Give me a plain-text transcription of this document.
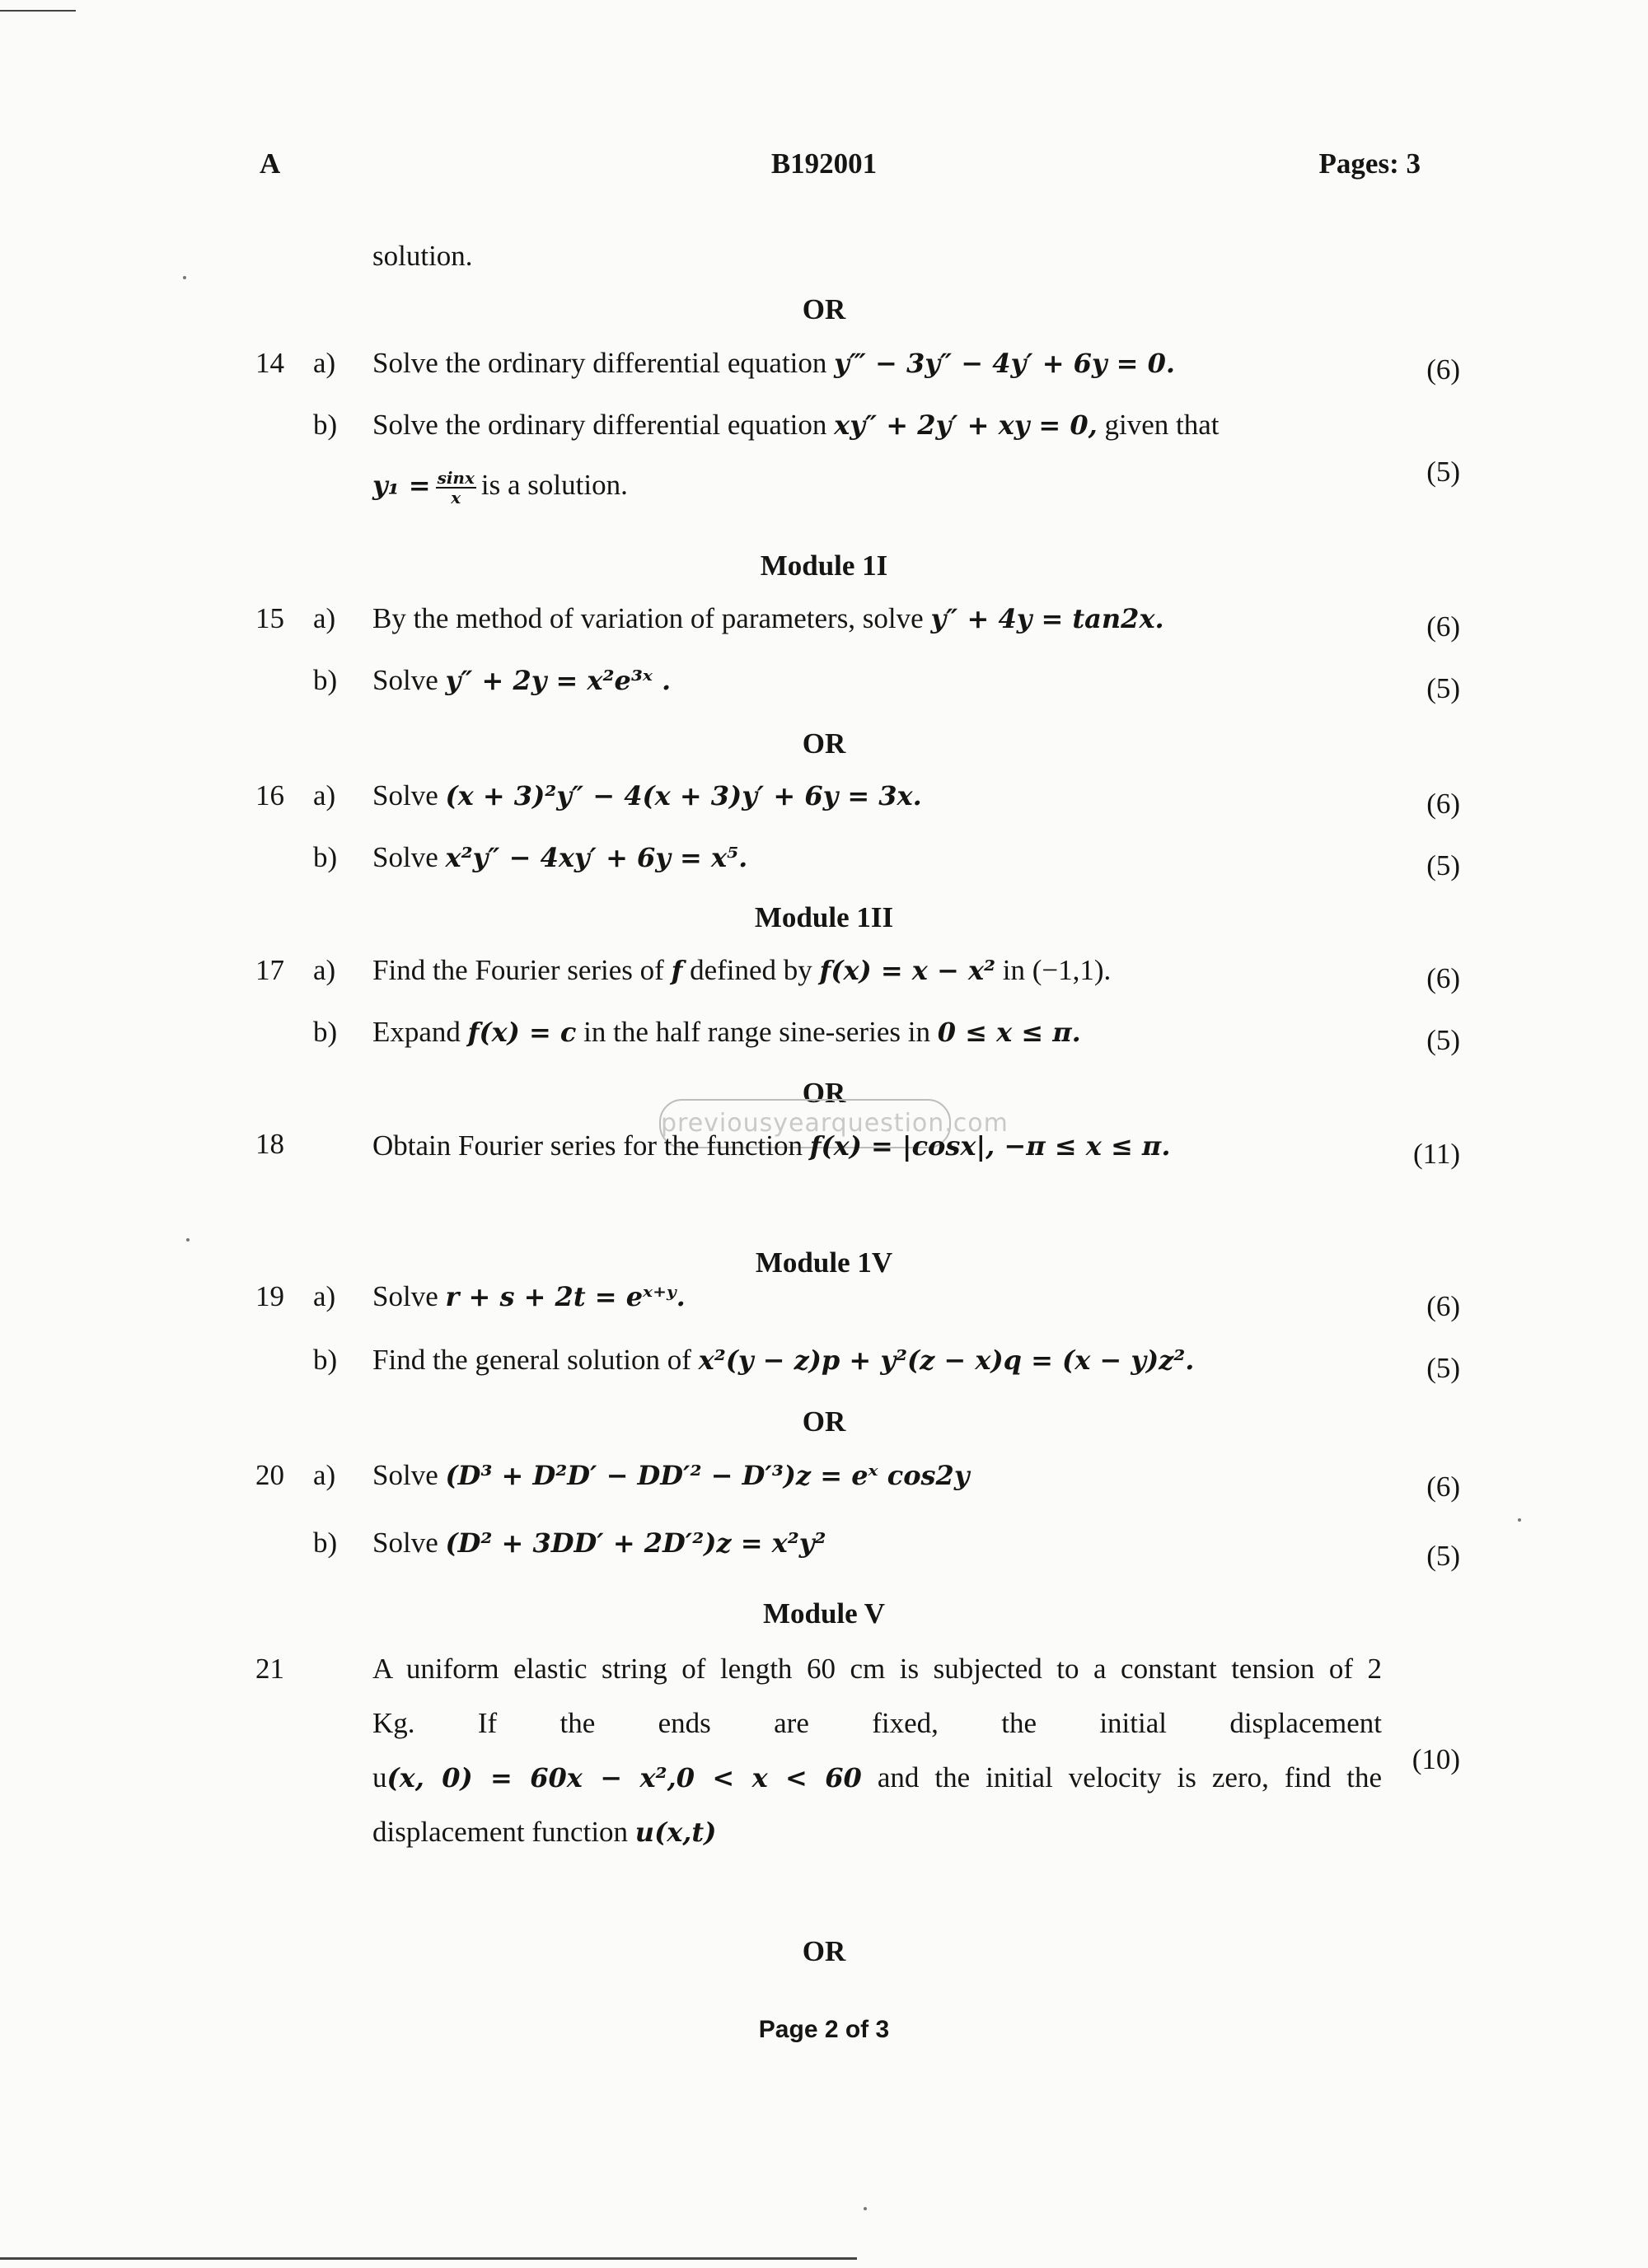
A	B192001	Pages: 3
solution.
OR
14 a) Solve the ordinary differential equation y‴ − 3y″ − 4y′ + 6y = 0.	(6)
b) Solve the ordinary differential equation xy″ + 2y′ + xy = 0, given that
$y_1 = \frac{\sin x}{x}$ is a solution.	(5)
Module 1I
15 a) By the method of variation of parameters, solve y″ + 4y = tan2x.	(6)
b) Solve y″ + 2y = x²e³ˣ .	(5)
OR
16 a) Solve (x + 3)²y″ − 4(x + 3)y′ + 6y = 3x.	(6)
b) Solve x²y″ − 4xy′ + 6y = x⁵.	(5)
Module 1II
17 a) Find the Fourier series of f defined by f(x) = x − x² in (−1,1).	(6)
b) Expand f(x) = c in the half range sine-series in 0 ≤ x ≤ π.	(5)
OR
previousyearquestion.com
18	Obtain Fourier series for the function f(x) = |cosx|, −π ≤ x ≤ π.	(11)
Module 1V
19 a) Solve r + s + 2t = eˣ⁺ʸ.	(6)
b) Find the general solution of x²(y − z)p + y²(z − x)q = (x − y)z².	(5)
OR
20 a) Solve (D³ + D²D′ − DD′² − D′³)z = eˣ cos2y	(6)
b) Solve (D² + 3DD′ + 2D′²)z = x²y²	(5)
Module V
21	A uniform elastic string of length 60 cm is subjected to a constant tension of 2
Kg. If the ends are fixed, the initial displacement
u(x, 0) = 60x − x²,0 < x < 60 and the initial velocity is zero, find the
displacement function u(x,t)
(10)
OR
Page 2 of 3
